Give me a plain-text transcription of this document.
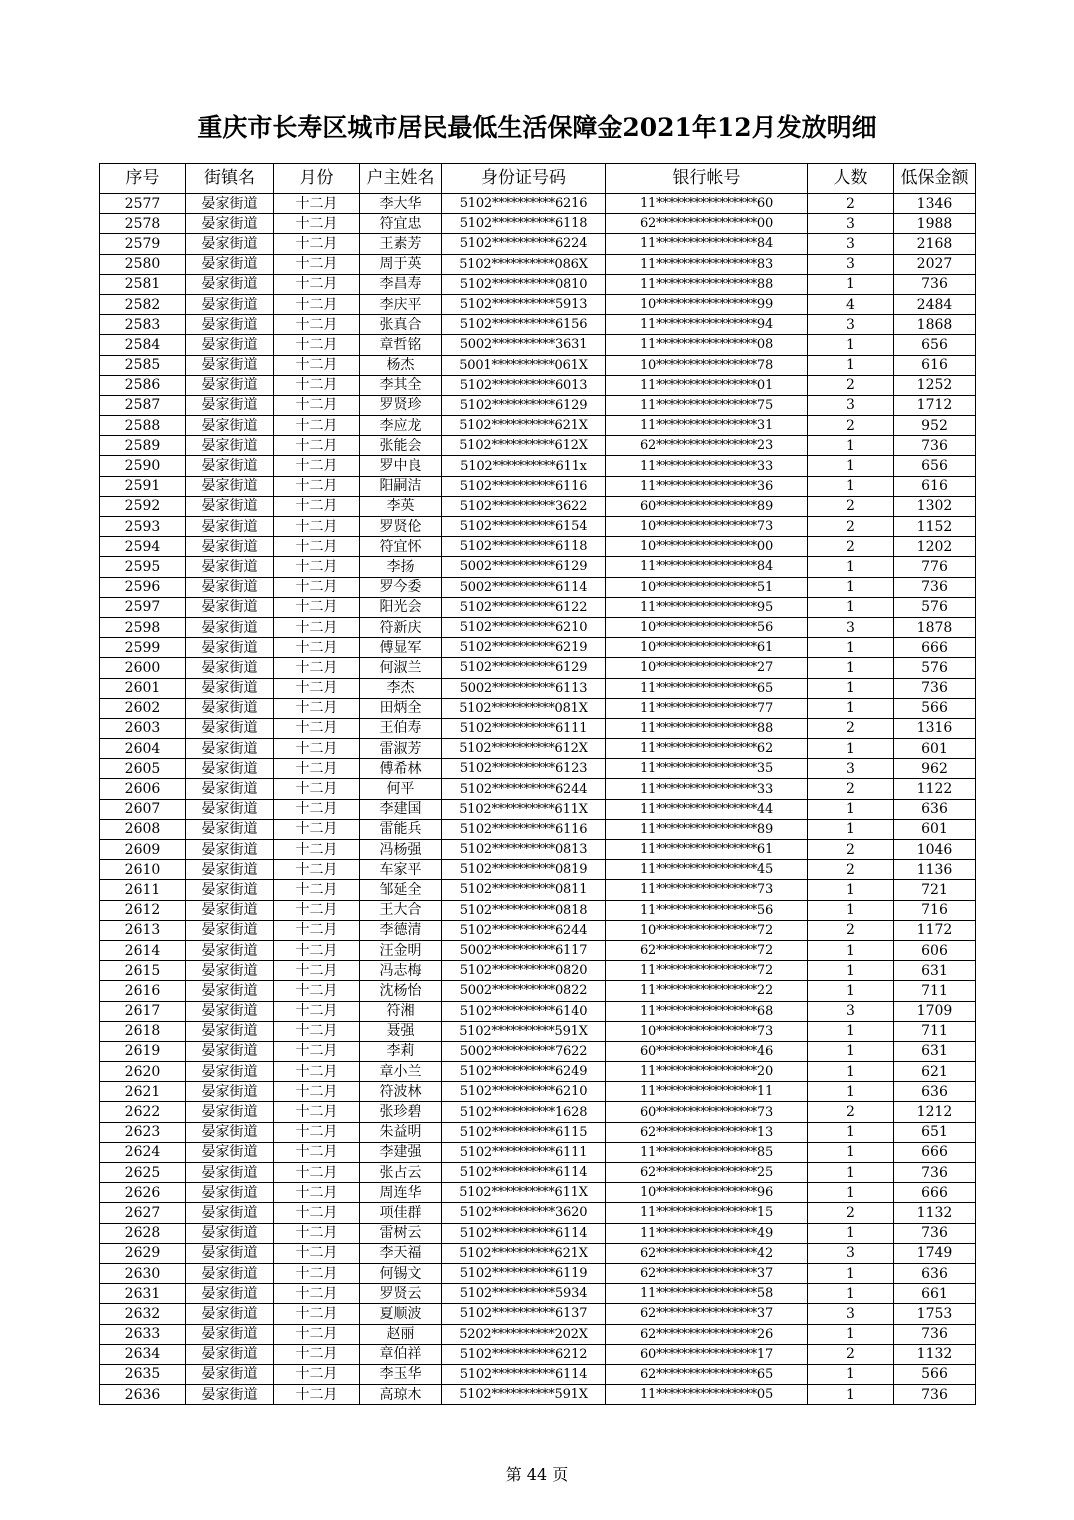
重庆市长寿区城市居民最低生活保障金2021年12月发放明细
序号	街镇名	月份	户主姓名	身份证号码	银行帐号	人数	低保金额
2577	晏家街道	十二月	李大华	5102**********6216	11****************60	2	1346
2578	晏家街道	十二月	符宜忠	5102**********6118	62****************00	3	1988
2579	晏家街道	十二月	王素芳	5102**********6224	11****************84	3	2168
2580	晏家街道	十二月	周于英	5102**********086X	11****************83	3	2027
2581	晏家街道	十二月	李昌寿	5102**********0810	11****************88	1	736
2582	晏家街道	十二月	李庆平	5102**********5913	10****************99	4	2484
2583	晏家街道	十二月	张真合	5102**********6156	11****************94	3	1868
2584	晏家街道	十二月	章哲铭	5002**********3631	11****************08	1	656
2585	晏家街道	十二月	杨杰	5001**********061X	10****************78	1	616
2586	晏家街道	十二月	李其全	5102**********6013	11****************01	2	1252
2587	晏家街道	十二月	罗贤珍	5102**********6129	11****************75	3	1712
2588	晏家街道	十二月	李应龙	5102**********621X	11****************31	2	952
2589	晏家街道	十二月	张能会	5102**********612X	62****************23	1	736
2590	晏家街道	十二月	罗中良	5102**********611x	11****************33	1	656
2591	晏家街道	十二月	阳嗣洁	5102**********6116	11****************36	1	616
2592	晏家街道	十二月	李英	5102**********3622	60****************89	2	1302
2593	晏家街道	十二月	罗贤伦	5102**********6154	10****************73	2	1152
2594	晏家街道	十二月	符宜怀	5102**********6118	10****************00	2	1202
2595	晏家街道	十二月	李扬	5002**********6129	11****************84	1	776
2596	晏家街道	十二月	罗今委	5002**********6114	10****************51	1	736
2597	晏家街道	十二月	阳光会	5102**********6122	11****************95	1	576
2598	晏家街道	十二月	符新庆	5102**********6210	10****************56	3	1878
2599	晏家街道	十二月	傅显军	5102**********6219	10****************61	1	666
2600	晏家街道	十二月	何淑兰	5102**********6129	10****************27	1	576
2601	晏家街道	十二月	李杰	5002**********6113	11****************65	1	736
2602	晏家街道	十二月	田炳全	5102**********081X	11****************77	1	566
2603	晏家街道	十二月	王伯寿	5102**********6111	11****************88	2	1316
2604	晏家街道	十二月	雷淑芳	5102**********612X	11****************62	1	601
2605	晏家街道	十二月	傅希林	5102**********6123	11****************35	3	962
2606	晏家街道	十二月	何平	5102**********6244	11****************33	2	1122
2607	晏家街道	十二月	李建国	5102**********611X	11****************44	1	636
2608	晏家街道	十二月	雷能兵	5102**********6116	11****************89	1	601
2609	晏家街道	十二月	冯杨强	5102**********0813	11****************61	2	1046
2610	晏家街道	十二月	车家平	5102**********0819	11****************45	2	1136
2611	晏家街道	十二月	邹延全	5102**********0811	11****************73	1	721
2612	晏家街道	十二月	王大合	5102**********0818	11****************56	1	716
2613	晏家街道	十二月	李德清	5102**********6244	10****************72	2	1172
2614	晏家街道	十二月	汪金明	5002**********6117	62****************72	1	606
2615	晏家街道	十二月	冯志梅	5102**********0820	11****************72	1	631
2616	晏家街道	十二月	沈杨怡	5002**********0822	11****************22	1	711
2617	晏家街道	十二月	符湘	5102**********6140	11****************68	3	1709
2618	晏家街道	十二月	聂强	5102**********591X	10****************73	1	711
2619	晏家街道	十二月	李莉	5002**********7622	60****************46	1	631
2620	晏家街道	十二月	章小兰	5102**********6249	11****************20	1	621
2621	晏家街道	十二月	符波林	5102**********6210	11****************11	1	636
2622	晏家街道	十二月	张珍碧	5102**********1628	60****************73	2	1212
2623	晏家街道	十二月	朱益明	5102**********6115	62****************13	1	651
2624	晏家街道	十二月	李建强	5102**********6111	11****************85	1	666
2625	晏家街道	十二月	张占云	5102**********6114	62****************25	1	736
2626	晏家街道	十二月	周连华	5102**********611X	10****************96	1	666
2627	晏家街道	十二月	项佳群	5102**********3620	11****************15	2	1132
2628	晏家街道	十二月	雷树云	5102**********6114	11****************49	1	736
2629	晏家街道	十二月	李天福	5102**********621X	62****************42	3	1749
2630	晏家街道	十二月	何锡文	5102**********6119	62****************37	1	636
2631	晏家街道	十二月	罗贤云	5102**********5934	11****************58	1	661
2632	晏家街道	十二月	夏顺波	5102**********6137	62****************37	3	1753
2633	晏家街道	十二月	赵丽	5202**********202X	62****************26	1	736
2634	晏家街道	十二月	章伯祥	5102**********6212	60****************17	2	1132
2635	晏家街道	十二月	李玉华	5102**********6114	62****************65	1	566
2636	晏家街道	十二月	高琼木	5102**********591X	11****************05	1	736
第 44 页
